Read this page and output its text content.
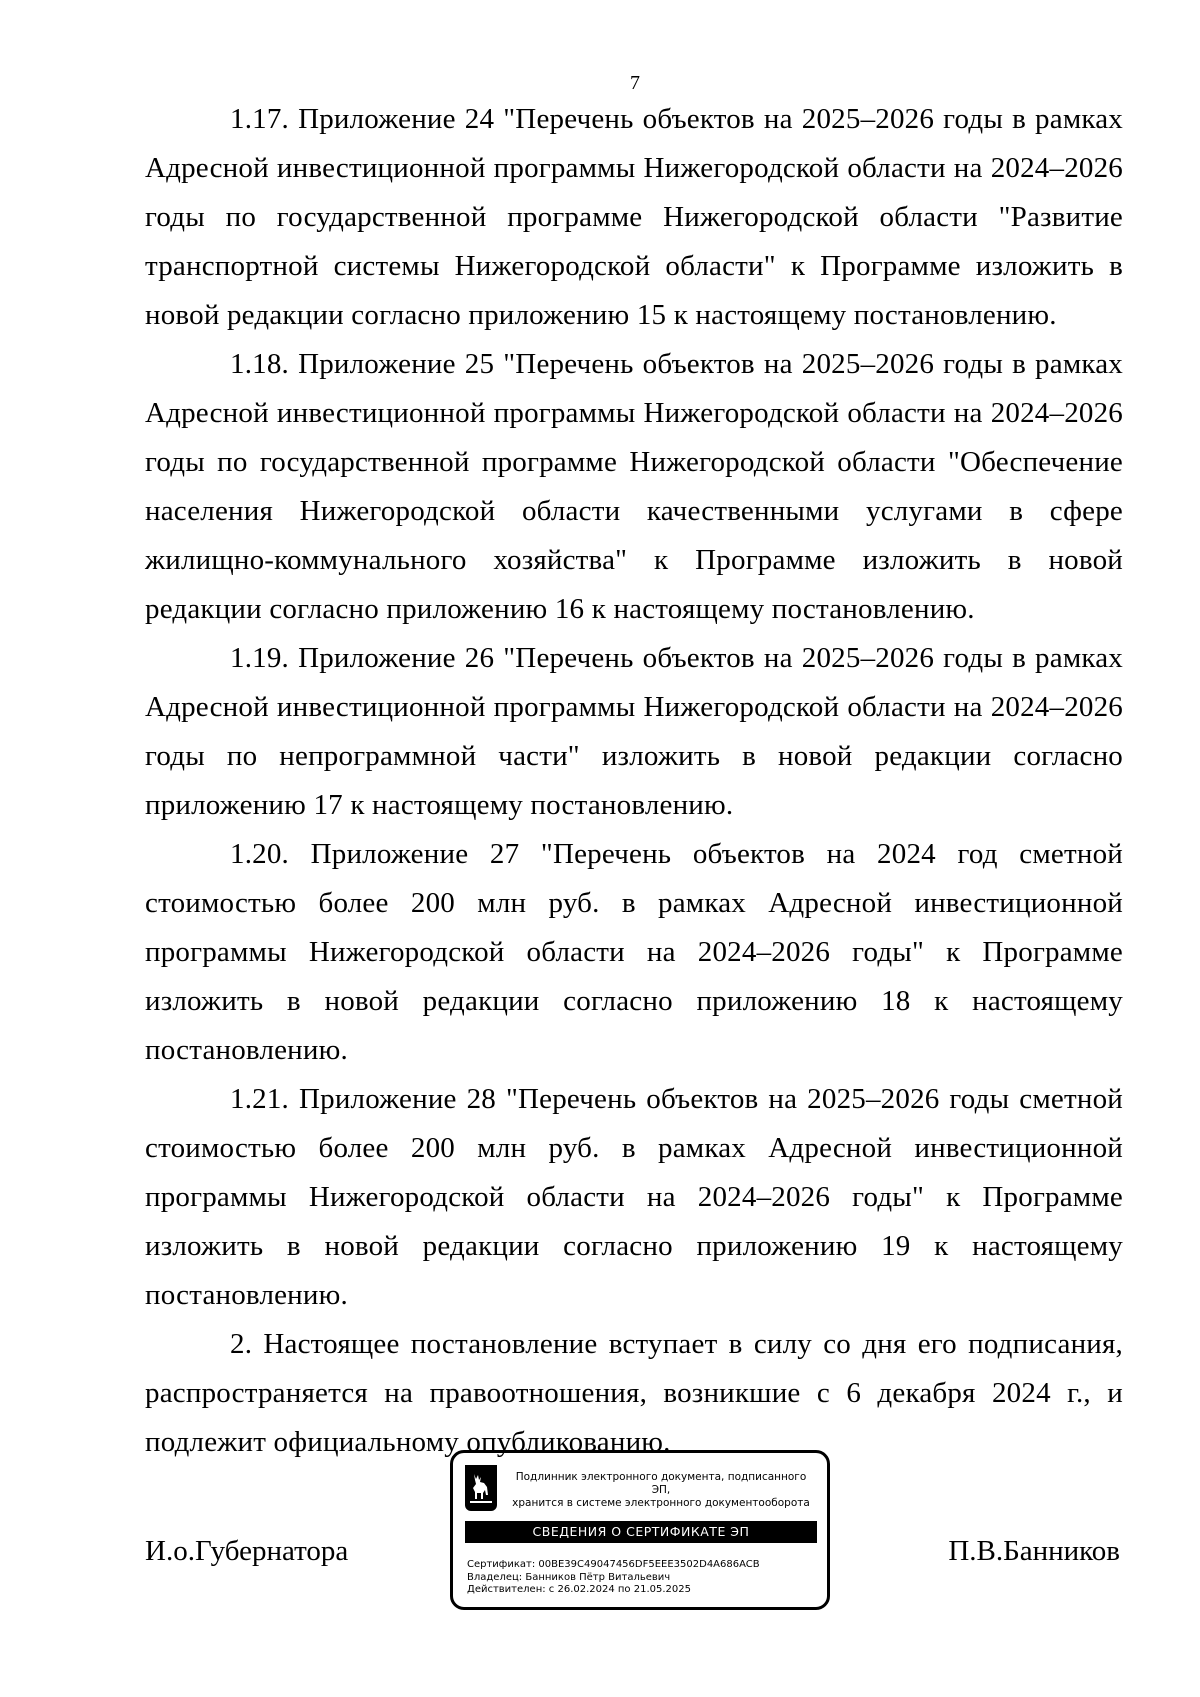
7

1.17. Приложение 24 "Перечень объектов на 2025–2026 годы в рамках Адресной инвестиционной программы Нижегородской области на 2024–2026 годы по государственной программе Нижегородской области "Развитие транспортной системы Нижегородской области" к Программе изложить в новой редакции согласно приложению 15 к настоящему постановлению.

1.18. Приложение 25 "Перечень объектов на 2025–2026 годы в рамках Адресной инвестиционной программы Нижегородской области на 2024–2026 годы по государственной программе Нижегородской области "Обеспечение населения Нижегородской области качественными услугами в сфере жилищно-коммунального хозяйства" к Программе изложить в новой редакции согласно приложению 16 к настоящему постановлению.

1.19. Приложение 26 "Перечень объектов на 2025–2026 годы в рамках Адресной инвестиционной программы Нижегородской области на 2024–2026 годы по непрограммной части" изложить в новой редакции согласно приложению 17 к настоящему постановлению.

1.20. Приложение 27 "Перечень объектов на 2024 год сметной стоимостью более 200 млн руб. в рамках Адресной инвестиционной программы Нижегородской области на 2024–2026 годы" к Программе изложить в новой редакции согласно приложению 18 к настоящему постановлению.

1.21. Приложение 28 "Перечень объектов на 2025–2026 годы сметной стоимостью более 200 млн руб. в рамках Адресной инвестиционной программы Нижегородской области на 2024–2026 годы" к Программе изложить в новой редакции согласно приложению 19 к настоящему постановлению.

2. Настоящее постановление вступает в силу со дня его подписания, распространяется на правоотношения, возникшие с 6 декабря 2024 г., и подлежит официальному опубликованию.

И.о.Губернатора
Подлинник электронного документа, подписанного ЭП,
хранится в системе электронного документооборота
СВЕДЕНИЯ О СЕРТИФИКАТЕ ЭП
Сертификат: 00BE39C49047456DF5EEE3502D4A686ACB
Владелец: Банников Пётр Витальевич
Действителен: с 26.02.2024 по 21.05.2025
П.В.Банников
